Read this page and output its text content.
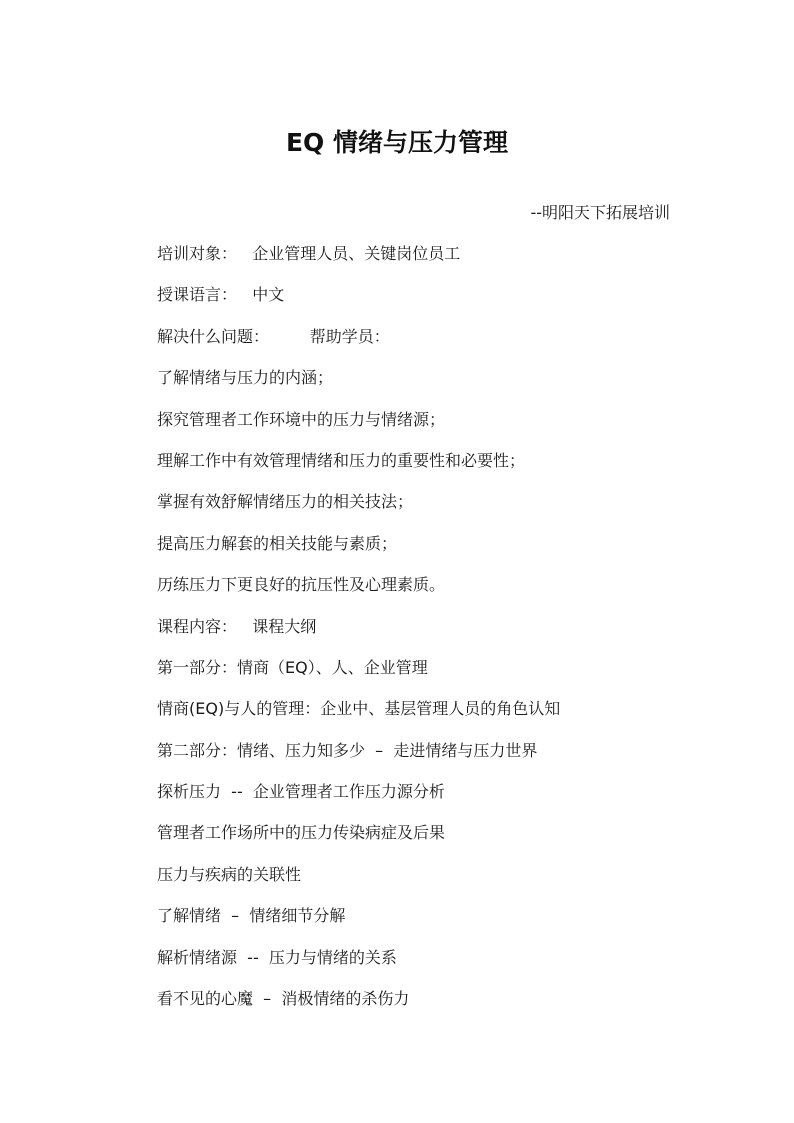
EQ 情绪与压力管理
--明阳天下拓展培训

培训对象：   企业管理人员、关键岗位员工

授课语言：   中文

解决什么问题：        帮助学员：

了解情绪与压力的内涵；

探究管理者工作环境中的压力与情绪源；

理解工作中有效管理情绪和压力的重要性和必要性；

掌握有效舒解情绪压力的相关技法；

提高压力解套的相关技能与素质；

历练压力下更良好的抗压性及心理素质。

课程内容：   课程大纲

第一部分：情商（EQ）、人、企业管理

情商(EQ)与人的管理：企业中、基层管理人员的角色认知

第二部分：情绪、压力知多少  –  走进情绪与压力世界

探析压力  --  企业管理者工作压力源分析

管理者工作场所中的压力传染病症及后果

压力与疾病的关联性

了解情绪  –  情绪细节分解

解析情绪源  --  压力与情绪的关系

看不见的心魔  –  消极情绪的杀伤力
